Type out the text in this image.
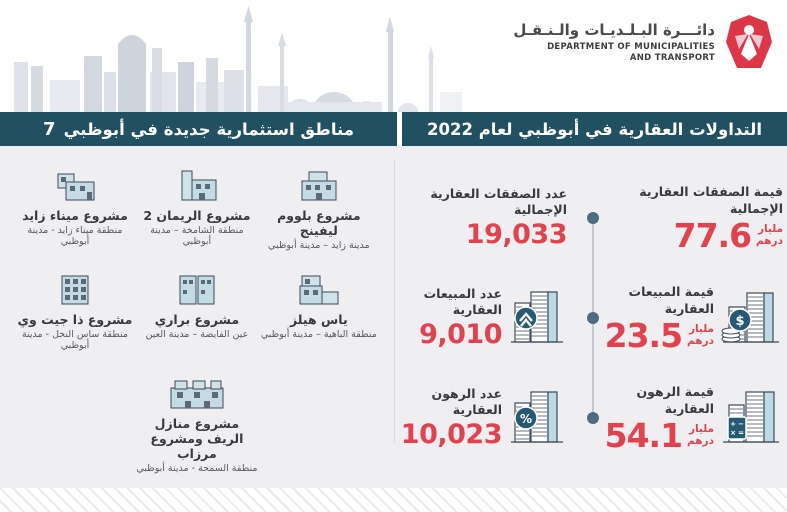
دائـــرة البـلـديـات والـنـقـل
DEPARTMENT OF MUNICIPALITIES
AND TRANSPORT
7 مناطق استثمارية جديدة في أبوظبي	التداولات العقارية في أبوظبي لعام 2022
مشروع بلووم ليفينج
مدينة زايد – مدينة أبوظبي
مشروع الريمان 2
منطقة الشامخة – مدينة أبوظبي
مشروع ميناء زايد
منطقة ميناء زايد - مدينة أبوظبي
ياس هيلز
منطقة الباهية – مدينة أبوظبي
مشروع براري
عين الفايضة – مدينة العين
مشروع ذا جيت وي
منطقة ساس النخل - مدينة أبوظبي
مشروع منازل الريف ومشروع مرزاب
منطقة السمحة - مدينة أبوظبي
قيمة الصفقات العقارية الإجمالية
77.6 مليار
درهم
عدد الصفقات العقارية الإجمالية
19,033
$
قيمة المبيعات العقارية
23.5 مليار
درهم
عدد المبيعات العقارية
9,010
+ −
× =
قيمة الرهون العقارية
54.1 مليار
درهم
%
عدد الرهون العقارية
10,023
